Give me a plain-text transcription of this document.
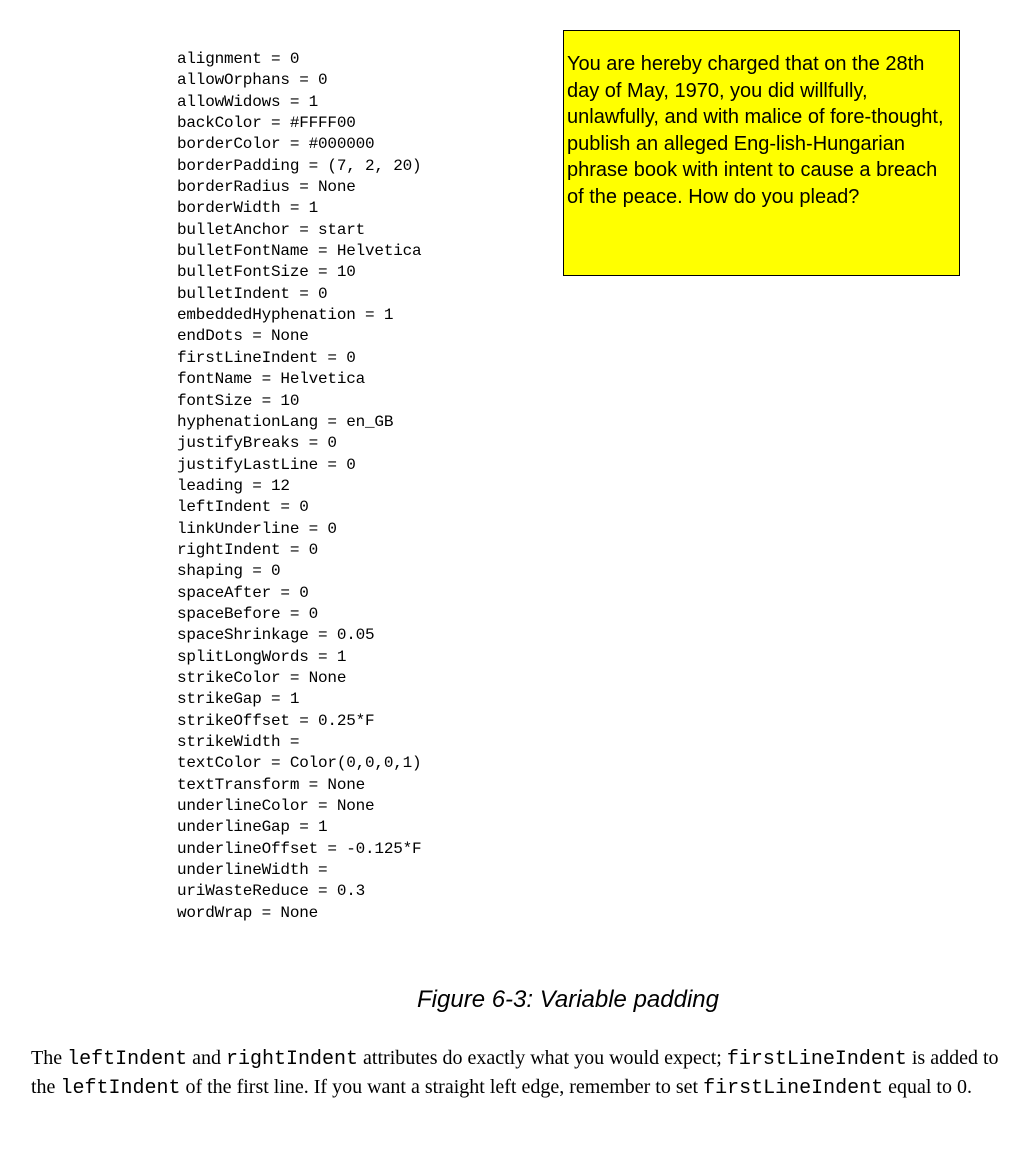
alignment = 0
allowOrphans = 0
allowWidows = 1
backColor = #FFFF00
borderColor = #000000
borderPadding = (7, 2, 20)
borderRadius = None
borderWidth = 1
bulletAnchor = start
bulletFontName = Helvetica
bulletFontSize = 10
bulletIndent = 0
embeddedHyphenation = 1
endDots = None
firstLineIndent = 0
fontName = Helvetica
fontSize = 10
hyphenationLang = en_GB
justifyBreaks = 0
justifyLastLine = 0
leading = 12
leftIndent = 0
linkUnderline = 0
rightIndent = 0
shaping = 0
spaceAfter = 0
spaceBefore = 0
spaceShrinkage = 0.05
splitLongWords = 1
strikeColor = None
strikeGap = 1
strikeOffset = 0.25*F
strikeWidth =
textColor = Color(0,0,0,1)
textTransform = None
underlineColor = None
underlineGap = 1
underlineOffset = -0.125*F
underlineWidth =
uriWasteReduce = 0.3
wordWrap = None
You are hereby charged that on the 28th day of May, 1970, you did willfully, unlawfully, and with malice of fore-thought, publish an alleged Eng-lish-Hungarian phrase book with intent to cause a breach of the peace. How do you plead?
Figure 6-3: Variable padding

The leftIndent and rightIndent attributes do exactly what you would expect; firstLineIndent is added to the leftIndent of the first line. If you want a straight left edge, remember to set firstLineIndent equal to 0.
